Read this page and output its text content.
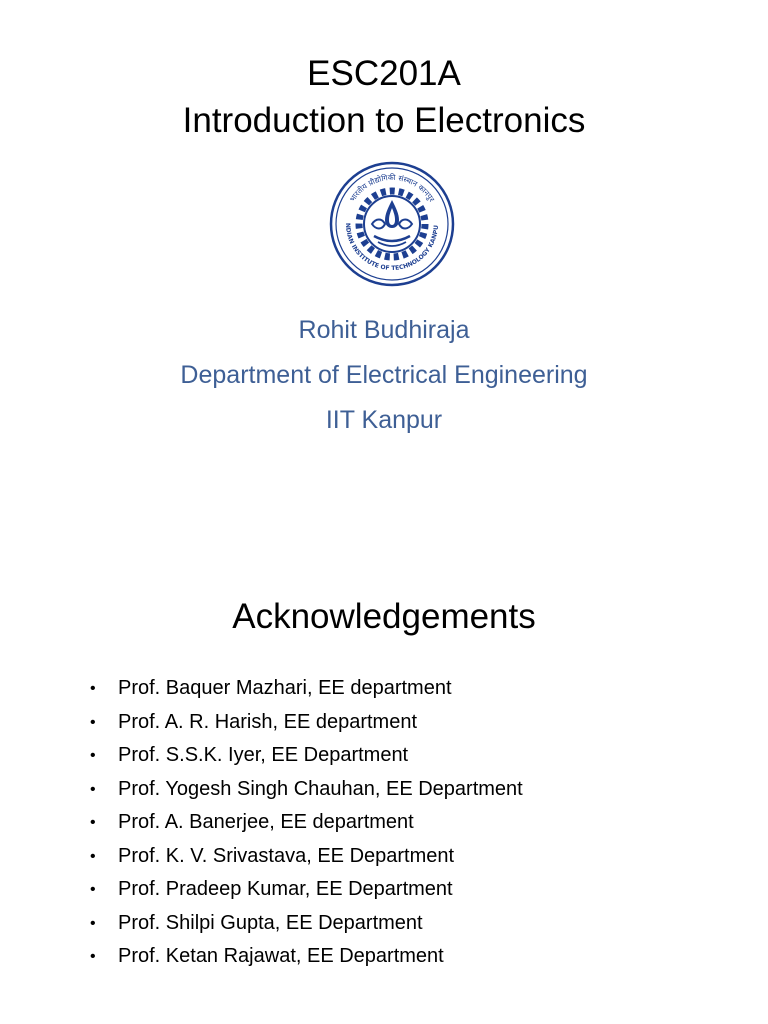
ESC201A
Introduction to Electronics
भारतीय प्रौद्योगिकी संस्थान कानपुर
NDIAN INSTITUTE OF TECHNOLOGY KANPU
Rohit Budhiraja
Department of Electrical Engineering
IIT Kanpur
Acknowledgements
• Prof. Baquer Mazhari, EE department
• Prof. A. R. Harish, EE department
• Prof. S.S.K. Iyer, EE Department
• Prof. Yogesh Singh Chauhan, EE Department
• Prof. A. Banerjee, EE department
• Prof. K. V. Srivastava, EE Department
• Prof. Pradeep Kumar, EE Department
• Prof. Shilpi Gupta, EE Department
• Prof. Ketan Rajawat, EE Department
